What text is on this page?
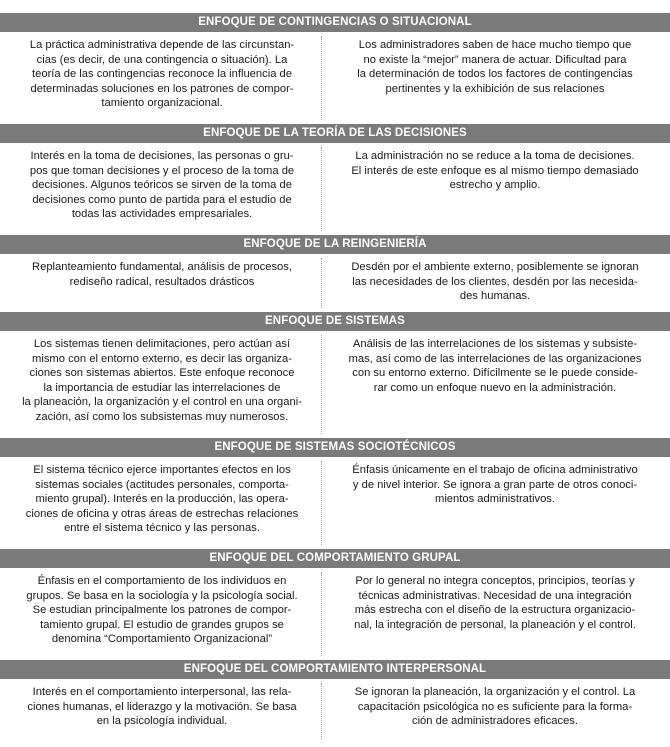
ENFOQUE DE CONTINGENCIAS O SITUACIONAL
La práctica administrativa depende de las circunstan-
cias (es decir, de una contingencia o situación). La
teoría de las contingencias reconoce la influencia de
determinadas soluciones en los patrones de compor-
tamiento organizacional.
Los administradores saben de hace mucho tiempo que
no existe la “mejor” manera de actuar. Dificultad para
la determinación de todos los factores de contingencias
pertinentes y la exhibición de sus relaciones
ENFOQUE DE LA TEORÍA DE LAS DECISIONES
Interés en la toma de decisiones, las personas o gru-
pos que toman decisiones y el proceso de la toma de
decisiones. Algunos teóricos se sirven de la toma de
decisiones como punto de partida para el estudio de
todas las actividades empresariales.
La administración no se reduce a la toma de decisiones.
El interés de este enfoque es al mismo tiempo demasiado
estrecho y amplio.
ENFOQUE DE LA REINGENIERÍA
Replanteamiento fundamental, análisis de procesos,
rediseño radical, resultados drásticos
Desdén por el ambiente externo, posiblemente se ignoran
las necesidades de los clientes, desdén por las necesida-
des humanas.
ENFOQUE DE SISTEMAS
Los sistemas tienen delimitaciones, pero actúan así
mismo con el entorno externo, es decir las organiza-
ciones son sistemas abiertos. Este enfoque reconoce
la importancia de estudiar las interrelaciones de
la planeación, la organización y el control en una organi-
zación, así como los subsistemas muy numerosos.
Análisis de las interrelaciones de los sistemas y subsiste-
mas, así como de las interrelaciones de las organizaciones
con su entorno externo. Difícilmente se le puede conside-
rar como un enfoque nuevo en la administración.
ENFOQUE DE SISTEMAS SOCIOTÉCNICOS
El sistema técnico ejerce importantes efectos en los
sistemas sociales (actitudes personales, comporta-
miento grupal). Interés en la producción, las opera-
ciones de oficina y otras áreas de estrechas relaciones
entre el sistema técnico y las personas.
Énfasis únicamente en el trabajo de oficina administrativo
y de nivel interior. Se ignora a gran parte de otros conoci-
mientos administrativos.
ENFOQUE DEL COMPORTAMIENTO GRUPAL
Énfasis en el comportamiento de los individuos en
grupos. Se basa en la sociología y la psicología social.
Se estudian principalmente los patrones de compor-
tamiento grupal. El estudio de grandes grupos se
denomina “Comportamiento Organizacional”
Por lo general no integra conceptos, principios, teorías y
técnicas administrativas. Necesidad de una integración
más estrecha con el diseño de la estructura organizacio-
nal, la integración de personal, la planeación y el control.
ENFOQUE DEL COMPORTAMIENTO INTERPERSONAL
Interés en el comportamiento interpersonal, las rela-
ciones humanas, el liderazgo y la motivación. Se basa
en la psicología individual.
Se ignoran la planeación, la organización y el control. La
capacitación psicológica no es suficiente para la forma-
ción de administradores eficaces.
